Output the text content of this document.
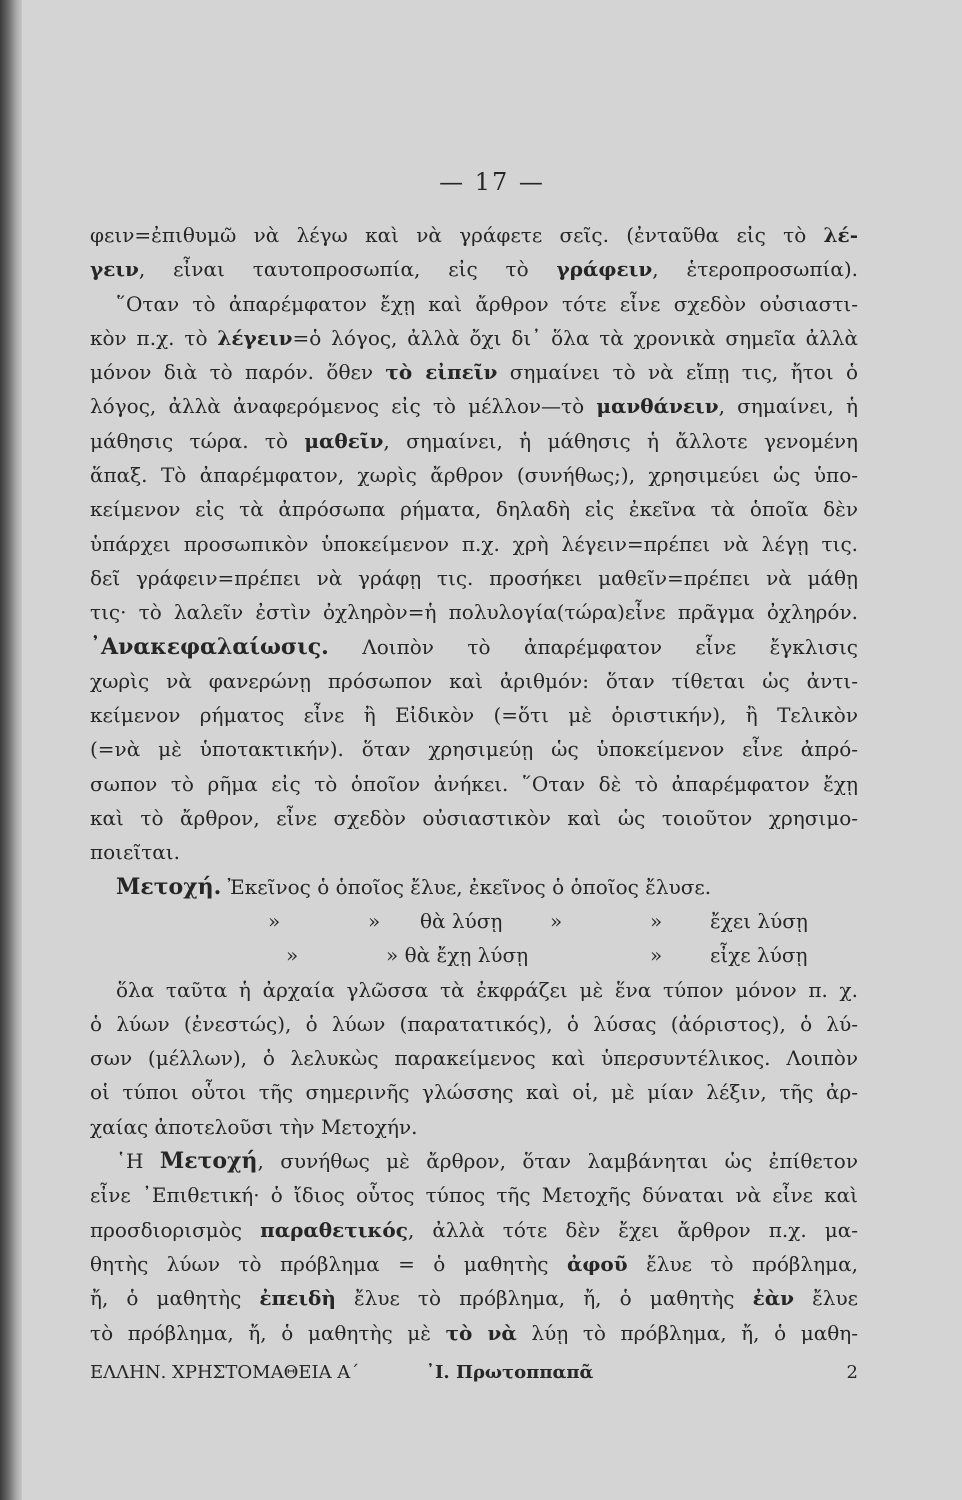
— 17 —
φειν=ἐπιθυμῶ νὰ λέγω καὶ νὰ γράφετε σεῖς. (ἐνταῦθα εἰς τὸ λέ-
γειν, εἶναι ταυτοπροσωπία, εἰς τὸ γράφειν, ἑτεροπροσωπία).
῞Οταν τὸ ἀπαρέμφατον ἔχῃ καὶ ἄρθρον τότε εἶνε σχεδὸν οὐσιαστι-
κὸν π.χ. τὸ λέγειν=ὁ λόγος, ἀλλὰ ὄχι δι᾽ ὅλα τὰ χρονικὰ σημεῖα ἀλλὰ
μόνον διὰ τὸ παρόν. ὅθεν τὸ εἰπεῖν σημαίνει τὸ νὰ εἴπῃ τις, ἤτοι ὁ
λόγος, ἀλλὰ ἀναφερόμενος εἰς τὸ μέλλον—τὸ μανθάνειν, σημαίνει, ἡ
μάθησις τώρα. τὸ μαθεῖν, σημαίνει, ἡ μάθησις ἡ ἄλλοτε γενομένη
ἅπαξ. Τὸ ἀπαρέμφατον, χωρὶς ἄρθρον (συνήθως;), χρησιμεύει ὡς ὑπο-
κείμενον εἰς τὰ ἀπρόσωπα ρήματα, δηλαδὴ εἰς ἐκεῖνα τὰ ὁποῖα δὲν
ὑπάρχει προσωπικὸν ὑποκείμενον π.χ. χρὴ λέγειν=πρέπει νὰ λέγῃ τις.
δεῖ γράφειν=πρέπει νὰ γράφῃ τις. προσήκει μαθεῖν=πρέπει νὰ μάθῃ
τις· τὸ λαλεῖν ἐστὶν ὀχληρὸν=ἡ πολυλογία(τώρα)εἶνε πρᾶγμα ὀχληρόν.
᾿Ανακεφαλαίωσις. Λοιπὸν τὸ ἀπαρέμφατον εἶνε ἔγκλισις
χωρὶς νὰ φανερώνῃ πρόσωπον καὶ ἀριθμόν: ὅταν τίθεται ὡς ἀντι-
κείμενον ρήματος εἶνε ἢ Εἰδικὸν (=ὅτι μὲ ὁριστικήν), ἢ Τελικὸν
(=νὰ μὲ ὑποτακτικήν). ὅταν χρησιμεύῃ ὡς ὑποκείμενον εἶνε ἀπρό-
σωπον τὸ ρῆμα εἰς τὸ ὁποῖον ἀνήκει. ῞Οταν δὲ τὸ ἀπαρέμφατον ἔχῃ
καὶ τὸ ἄρθρον, εἶνε σχεδὸν οὐσιαστικὸν καὶ ὡς τοιοῦτον χρησιμο-
ποιεῖται.
Μετοχή. Ἐκεῖνος ὁ ὁποῖος ἔλυε, ἐκεῖνος ὁ ὁποῖος ἔλυσε.
»	» θὰ λύσῃ »	» ἔχει λύσῃ
»	» θὰ ἔχῃ λύσῃ	» εἶχε λύσῃ
ὅλα ταῦτα ἡ ἀρχαία γλῶσσα τὰ ἐκφράζει μὲ ἕνα τύπον μόνον π. χ.
ὁ λύων (ἐνεστώς), ὁ λύων (παρατατικός), ὁ λύσας (ἀόριστος), ὁ λύ-
σων (μέλλων), ὁ λελυκὼς παρακείμενος καὶ ὑπερσυντέλικος. Λοιπὸν
οἱ τύποι οὗτοι τῆς σημερινῆς γλώσσης καὶ οἱ, μὲ μίαν λέξιν, τῆς ἀρ-
χαίας ἀποτελοῦσι τὴν Μετοχήν.
῾Η Μετοχή, συνήθως μὲ ἄρθρον, ὅταν λαμβάνηται ὡς ἐπίθετον
εἶνε ᾿Επιθετική· ὁ ἴδιος οὗτος τύπος τῆς Μετοχῆς δύναται νὰ εἶνε καὶ
προσδιορισμὸς παραθετικός, ἀλλὰ τότε δὲν ἔχει ἄρθρον π.χ. μα-
θητὴς λύων τὸ πρόβλημα = ὁ μαθητὴς ἀφοῦ ἔλυε τὸ πρόβλημα,
ἤ, ὁ μαθητὴς ἐπειδὴ ἔλυε τὸ πρόβλημα, ἤ, ὁ μαθητὴς ἐὰν ἔλυε
τὸ πρόβλημα, ἤ, ὁ μαθητὴς μὲ τὸ νὰ λύῃ τὸ πρόβλημα, ἤ, ὁ μαθη-
ΕΛΛΗΝ. ΧΡΗΣΤΟΜΑΘΕΙΑ Α´	᾿Ι. Πρωτοππαπᾶ	2
